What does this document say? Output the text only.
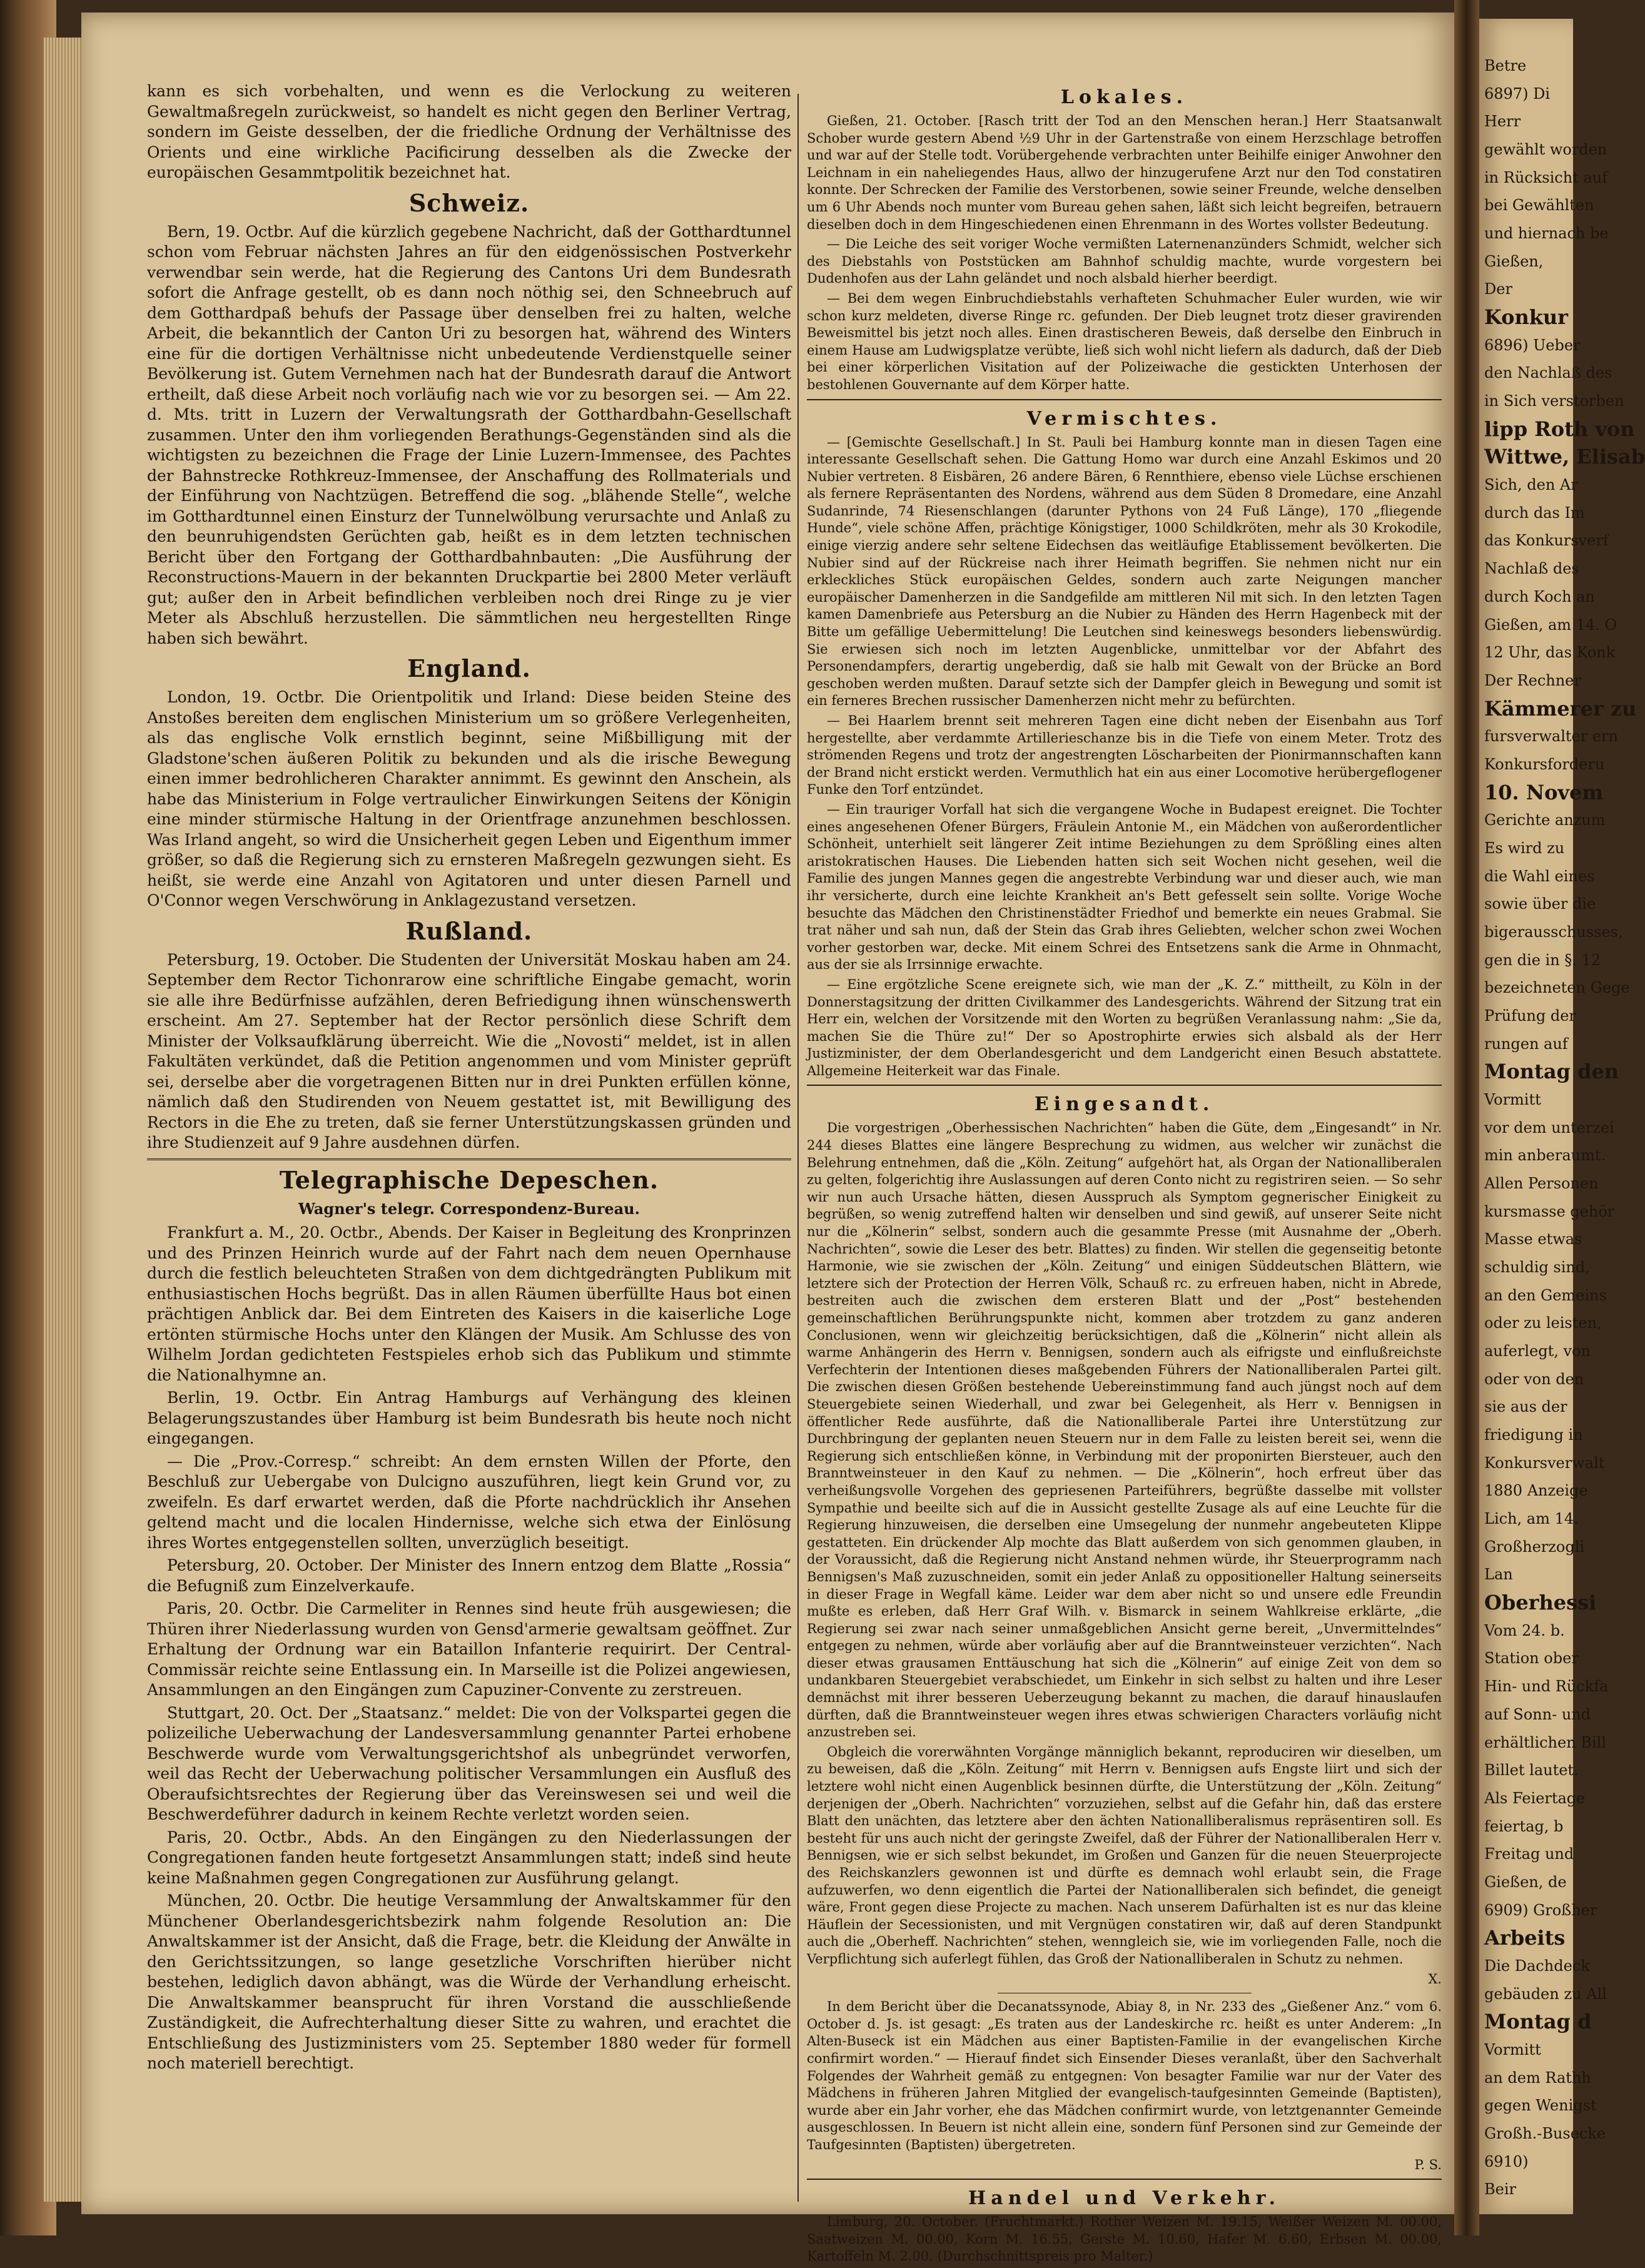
kann es sich vorbehalten, und wenn es die Verlockung zu weiteren Gewaltmaßregeln zurückweist, so handelt es nicht gegen den Berliner Vertrag, sondern im Geiste desselben, der die friedliche Ordnung der Verhältnisse des Orients und eine wirkliche Pacificirung desselben als die Zwecke der europäischen Gesammtpolitik bezeichnet hat.

Schweiz.

Bern, 19. Octbr. Auf die kürzlich gegebene Nachricht, daß der Gotthardtunnel schon vom Februar nächsten Jahres an für den eidgenössischen Postverkehr verwendbar sein werde, hat die Regierung des Cantons Uri dem Bundesrath sofort die Anfrage gestellt, ob es dann noch nöthig sei, den Schneebruch auf dem Gotthardpaß behufs der Passage über denselben frei zu halten, welche Arbeit, die bekanntlich der Canton Uri zu besorgen hat, während des Winters eine für die dortigen Verhältnisse nicht unbedeutende Verdienstquelle seiner Bevölkerung ist. Gutem Vernehmen nach hat der Bundesrath darauf die Antwort ertheilt, daß diese Arbeit noch vorläufig nach wie vor zu besorgen sei. — Am 22. d. Mts. tritt in Luzern der Verwaltungsrath der Gotthardbahn-Gesellschaft zusammen. Unter den ihm vorliegenden Berathungs-Gegenständen sind als die wichtigsten zu bezeichnen die Frage der Linie Luzern-Immensee, des Pachtes der Bahnstrecke Rothkreuz-Immensee, der Anschaffung des Rollmaterials und der Einführung von Nachtzügen. Betreffend die sog. „blähende Stelle“, welche im Gotthardtunnel einen Einsturz der Tunnelwölbung verursachte und Anlaß zu den beunruhigendsten Gerüchten gab, heißt es in dem letzten technischen Bericht über den Fortgang der Gotthardbahnbauten: „Die Ausführung der Reconstructions-Mauern in der bekannten Druckpartie bei 2800 Meter verläuft gut; außer den in Arbeit befindlichen verbleiben noch drei Ringe zu je vier Meter als Abschluß herzustellen. Die sämmtlichen neu hergestellten Ringe haben sich bewährt.

England.

London, 19. Octbr. Die Orientpolitik und Irland: Diese beiden Steine des Anstoßes bereiten dem englischen Ministerium um so größere Verlegenheiten, als das englische Volk ernstlich beginnt, seine Mißbilligung mit der Gladstone'schen äußeren Politik zu bekunden und als die irische Bewegung einen immer bedrohlicheren Charakter annimmt. Es gewinnt den Anschein, als habe das Ministerium in Folge vertraulicher Einwirkungen Seitens der Königin eine minder stürmische Haltung in der Orientfrage anzunehmen beschlossen. Was Irland angeht, so wird die Unsicherheit gegen Leben und Eigenthum immer größer, so daß die Regierung sich zu ernsteren Maßregeln gezwungen sieht. Es heißt, sie werde eine Anzahl von Agitatoren und unter diesen Parnell und O'Connor wegen Verschwörung in Anklagezustand versetzen.

Rußland.

Petersburg, 19. October. Die Studenten der Universität Moskau haben am 24. September dem Rector Tichonrarow eine schriftliche Eingabe gemacht, worin sie alle ihre Bedürfnisse aufzählen, deren Befriedigung ihnen wünschenswerth erscheint. Am 27. September hat der Rector persönlich diese Schrift dem Minister der Volksaufklärung überreicht. Wie die „Novosti“ meldet, ist in allen Fakultäten verkündet, daß die Petition angenommen und vom Minister geprüft sei, derselbe aber die vorgetragenen Bitten nur in drei Punkten erfüllen könne, nämlich daß den Studirenden von Neuem gestattet ist, mit Bewilligung des Rectors in die Ehe zu treten, daß sie ferner Unterstützungskassen gründen und ihre Studienzeit auf 9 Jahre ausdehnen dürfen.

Telegraphische Depeschen.
Wagner's telegr. Correspondenz-Bureau.

Frankfurt a. M., 20. Octbr., Abends. Der Kaiser in Begleitung des Kronprinzen und des Prinzen Heinrich wurde auf der Fahrt nach dem neuen Opernhause durch die festlich beleuchteten Straßen von dem dichtgedrängten Publikum mit enthusiastischen Hochs begrüßt. Das in allen Räumen überfüllte Haus bot einen prächtigen Anblick dar. Bei dem Eintreten des Kaisers in die kaiserliche Loge ertönten stürmische Hochs unter den Klängen der Musik. Am Schlusse des von Wilhelm Jordan gedichteten Festspieles erhob sich das Publikum und stimmte die Nationalhymne an.

Berlin, 19. Octbr. Ein Antrag Hamburgs auf Verhängung des kleinen Belagerungszustandes über Hamburg ist beim Bundesrath bis heute noch nicht eingegangen.

— Die „Prov.-Corresp.“ schreibt: An dem ernsten Willen der Pforte, den Beschluß zur Uebergabe von Dulcigno auszuführen, liegt kein Grund vor, zu zweifeln. Es darf erwartet werden, daß die Pforte nachdrücklich ihr Ansehen geltend macht und die localen Hindernisse, welche sich etwa der Einlösung ihres Wortes entgegenstellen sollten, unverzüglich beseitigt.

Petersburg, 20. October. Der Minister des Innern entzog dem Blatte „Rossia“ die Befugniß zum Einzelverkaufe.

Paris, 20. Octbr. Die Carmeliter in Rennes sind heute früh ausgewiesen; die Thüren ihrer Niederlassung wurden von Gensd'armerie gewaltsam geöffnet. Zur Erhaltung der Ordnung war ein Bataillon Infanterie requirirt. Der Central-Commissär reichte seine Entlassung ein. In Marseille ist die Polizei angewiesen, Ansammlungen an den Eingängen zum Capuziner-Convente zu zerstreuen.

Stuttgart, 20. Oct. Der „Staatsanz.“ meldet: Die von der Volkspartei gegen die polizeiliche Ueberwachung der Landesversammlung genannter Partei erhobene Beschwerde wurde vom Verwaltungsgerichtshof als unbegründet verworfen, weil das Recht der Ueberwachung politischer Versammlungen ein Ausfluß des Oberaufsichtsrechtes der Regierung über das Vereinswesen sei und weil die Beschwerdeführer dadurch in keinem Rechte verletzt worden seien.

Paris, 20. Octbr., Abds. An den Eingängen zu den Niederlassungen der Congregationen fanden heute fortgesetzt Ansammlungen statt; indeß sind heute keine Maßnahmen gegen Congregationen zur Ausführung gelangt.

München, 20. Octbr. Die heutige Versammlung der Anwaltskammer für den Münchener Oberlandesgerichtsbezirk nahm folgende Resolution an: Die Anwaltskammer ist der Ansicht, daß die Frage, betr. die Kleidung der Anwälte in den Gerichtssitzungen, so lange gesetzliche Vorschriften hierüber nicht bestehen, lediglich davon abhängt, was die Würde der Verhandlung erheischt. Die Anwaltskammer beansprucht für ihren Vorstand die ausschließende Zuständigkeit, die Aufrechterhaltung dieser Sitte zu wahren, und erachtet die Entschließung des Justizministers vom 25. September 1880 weder für formell noch materiell berechtigt.

Lokales.

Gießen, 21. October. [Rasch tritt der Tod an den Menschen heran.] Herr Staatsanwalt Schober wurde gestern Abend ½9 Uhr in der Gartenstraße von einem Herzschlage betroffen und war auf der Stelle todt. Vorübergehende verbrachten unter Beihilfe einiger Anwohner den Leichnam in ein naheliegendes Haus, allwo der hinzugerufene Arzt nur den Tod constatiren konnte. Der Schrecken der Familie des Verstorbenen, sowie seiner Freunde, welche denselben um 6 Uhr Abends noch munter vom Bureau gehen sahen, läßt sich leicht begreifen, betrauern dieselben doch in dem Hingeschiedenen einen Ehrenmann in des Wortes vollster Bedeutung.

— Die Leiche des seit voriger Woche vermißten Laternenanzünders Schmidt, welcher sich des Diebstahls von Poststücken am Bahnhof schuldig machte, wurde vorgestern bei Dudenhofen aus der Lahn geländet und noch alsbald hierher beerdigt.

— Bei dem wegen Einbruchdiebstahls verhafteten Schuhmacher Euler wurden, wie wir schon kurz meldeten, diverse Ringe rc. gefunden. Der Dieb leugnet trotz dieser gravirenden Beweismittel bis jetzt noch alles. Einen drastischeren Beweis, daß derselbe den Einbruch in einem Hause am Ludwigsplatze verübte, ließ sich wohl nicht liefern als dadurch, daß der Dieb bei einer körperlichen Visitation auf der Polizeiwache die gestickten Unterhosen der bestohlenen Gouvernante auf dem Körper hatte.

Vermischtes.

— [Gemischte Gesellschaft.] In St. Pauli bei Hamburg konnte man in diesen Tagen eine interessante Gesellschaft sehen. Die Gattung Homo war durch eine Anzahl Eskimos und 20 Nubier vertreten. 8 Eisbären, 26 andere Bären, 6 Rennthiere, ebenso viele Lüchse erschienen als fernere Repräsentanten des Nordens, während aus dem Süden 8 Dromedare, eine Anzahl Sudanrinde, 74 Riesenschlangen (darunter Pythons von 24 Fuß Länge), 170 „fliegende Hunde“, viele schöne Affen, prächtige Königstiger, 1000 Schildkröten, mehr als 30 Krokodile, einige vierzig andere sehr seltene Eidechsen das weitläufige Etablissement bevölkerten. Die Nubier sind auf der Rückreise nach ihrer Heimath begriffen. Sie nehmen nicht nur ein erkleckliches Stück europäischen Geldes, sondern auch zarte Neigungen mancher europäischer Damenherzen in die Sandgefilde am mittleren Nil mit sich. In den letzten Tagen kamen Damenbriefe aus Petersburg an die Nubier zu Händen des Herrn Hagenbeck mit der Bitte um gefällige Uebermittelung! Die Leutchen sind keineswegs besonders liebenswürdig. Sie erwiesen sich noch im letzten Augenblicke, unmittelbar vor der Abfahrt des Personendampfers, derartig ungeberdig, daß sie halb mit Gewalt von der Brücke an Bord geschoben werden mußten. Darauf setzte sich der Dampfer gleich in Bewegung und somit ist ein ferneres Brechen russischer Damenherzen nicht mehr zu befürchten.

— Bei Haarlem brennt seit mehreren Tagen eine dicht neben der Eisenbahn aus Torf hergestellte, aber verdammte Artillerieschanze bis in die Tiefe von einem Meter. Trotz des strömenden Regens und trotz der angestrengten Löscharbeiten der Pionirmannschaften kann der Brand nicht erstickt werden. Vermuthlich hat ein aus einer Locomotive herübergeflogener Funke den Torf entzündet.

— Ein trauriger Vorfall hat sich die vergangene Woche in Budapest ereignet. Die Tochter eines angesehenen Ofener Bürgers, Fräulein Antonie M., ein Mädchen von außerordentlicher Schönheit, unterhielt seit längerer Zeit intime Beziehungen zu dem Sprößling eines alten aristokratischen Hauses. Die Liebenden hatten sich seit Wochen nicht gesehen, weil die Familie des jungen Mannes gegen die angestrebte Verbindung war und dieser auch, wie man ihr versicherte, durch eine leichte Krankheit an's Bett gefesselt sein sollte. Vorige Woche besuchte das Mädchen den Christinenstädter Friedhof und bemerkte ein neues Grabmal. Sie trat näher und sah nun, daß der Stein das Grab ihres Geliebten, welcher schon zwei Wochen vorher gestorben war, decke. Mit einem Schrei des Entsetzens sank die Arme in Ohnmacht, aus der sie als Irrsinnige erwachte.

— Eine ergötzliche Scene ereignete sich, wie man der „K. Z.“ mittheilt, zu Köln in der Donnerstagsitzung der dritten Civilkammer des Landesgerichts. Während der Sitzung trat ein Herr ein, welchen der Vorsitzende mit den Worten zu begrüßen Veranlassung nahm: „Sie da, machen Sie die Thüre zu!“ Der so Apostrophirte erwies sich alsbald als der Herr Justizminister, der dem Oberlandesgericht und dem Landgericht einen Besuch abstattete. Allgemeine Heiterkeit war das Finale.

Eingesandt.

Die vorgestrigen „Oberhessischen Nachrichten“ haben die Güte, dem „Eingesandt“ in Nr. 244 dieses Blattes eine längere Besprechung zu widmen, aus welcher wir zunächst die Belehrung entnehmen, daß die „Köln. Zeitung“ aufgehört hat, als Organ der Nationalliberalen zu gelten, folgerichtig ihre Auslassungen auf deren Conto nicht zu registriren seien. — So sehr wir nun auch Ursache hätten, diesen Ausspruch als Symptom gegnerischer Einigkeit zu begrüßen, so wenig zutreffend halten wir denselben und sind gewiß, auf unserer Seite nicht nur die „Kölnerin“ selbst, sondern auch die gesammte Presse (mit Ausnahme der „Oberh. Nachrichten“, sowie die Leser des betr. Blattes) zu finden. Wir stellen die gegenseitig betonte Harmonie, wie sie zwischen der „Köln. Zeitung“ und einigen Süddeutschen Blättern, wie letztere sich der Protection der Herren Völk, Schauß rc. zu erfreuen haben, nicht in Abrede, bestreiten auch die zwischen dem ersteren Blatt und der „Post“ bestehenden gemeinschaftlichen Berührungspunkte nicht, kommen aber trotzdem zu ganz anderen Conclusionen, wenn wir gleichzeitig berücksichtigen, daß die „Kölnerin“ nicht allein als warme Anhängerin des Herrn v. Bennigsen, sondern auch als eifrigste und einflußreichste Verfechterin der Intentionen dieses maßgebenden Führers der Nationalliberalen Partei gilt. Die zwischen diesen Größen bestehende Uebereinstimmung fand auch jüngst noch auf dem Steuergebiete seinen Wiederhall, und zwar bei Gelegenheit, als Herr v. Bennigsen in öffentlicher Rede ausführte, daß die Nationalliberale Partei ihre Unterstützung zur Durchbringung der geplanten neuen Steuern nur in dem Falle zu leisten bereit sei, wenn die Regierung sich entschließen könne, in Verbindung mit der proponirten Biersteuer, auch den Branntweinsteuer in den Kauf zu nehmen. — Die „Kölnerin“, hoch erfreut über das verheißungsvolle Vorgehen des gepriesenen Parteiführers, begrüßte dasselbe mit vollster Sympathie und beeilte sich auf die in Aussicht gestellte Zusage als auf eine Leuchte für die Regierung hinzuweisen, die derselben eine Umsegelung der nunmehr angebeuteten Klippe gestatteten. Ein drückender Alp mochte das Blatt außerdem von sich genommen glauben, in der Voraussicht, daß die Regierung nicht Anstand nehmen würde, ihr Steuerprogramm nach Bennigsen's Maß zuzuschneiden, somit ein jeder Anlaß zu oppositioneller Haltung seinerseits in dieser Frage in Wegfall käme. Leider war dem aber nicht so und unsere edle Freundin mußte es erleben, daß Herr Graf Wilh. v. Bismarck in seinem Wahlkreise erklärte, „die Regierung sei zwar nach seiner unmaßgeblichen Ansicht gerne bereit, „Unvermittelndes“ entgegen zu nehmen, würde aber vorläufig aber auf die Branntweinsteuer verzichten“. Nach dieser etwas grausamen Enttäuschung hat sich die „Kölnerin“ auf einige Zeit von dem so undankbaren Steuergebiet verabschiedet, um Einkehr in sich selbst zu halten und ihre Leser demnächst mit ihrer besseren Ueberzeugung bekannt zu machen, die darauf hinauslaufen dürften, daß die Branntweinsteuer wegen ihres etwas schwierigen Characters vorläufig nicht anzustreben sei.

Obgleich die vorerwähnten Vorgänge männiglich bekannt, reproduciren wir dieselben, um zu beweisen, daß die „Köln. Zeitung“ mit Herrn v. Bennigsen aufs Engste liirt und sich der letztere wohl nicht einen Augenblick besinnen dürfte, die Unterstützung der „Köln. Zeitung“ derjenigen der „Oberh. Nachrichten“ vorzuziehen, selbst auf die Gefahr hin, daß das erstere Blatt den unächten, das letztere aber den ächten Nationalliberalismus repräsentiren soll. Es besteht für uns auch nicht der geringste Zweifel, daß der Führer der Nationalliberalen Herr v. Bennigsen, wie er sich selbst bekundet, im Großen und Ganzen für die neuen Steuerprojecte des Reichskanzlers gewonnen ist und dürfte es demnach wohl erlaubt sein, die Frage aufzuwerfen, wo denn eigentlich die Partei der Nationalliberalen sich befindet, die geneigt wäre, Front gegen diese Projecte zu machen. Nach unserem Dafürhalten ist es nur das kleine Häuflein der Secessionisten, und mit Vergnügen constatiren wir, daß auf deren Standpunkt auch die „Oberheff. Nachrichten“ stehen, wenngleich sie, wie im vorliegenden Falle, noch die Verpflichtung sich auferlegt fühlen, das Groß der Nationalliberalen in Schutz zu nehmen.

X.

In dem Bericht über die Decanatssynode, Abiay 8, in Nr. 233 des „Gießener Anz.“ vom 6. October d. Js. ist gesagt: „Es traten aus der Landeskirche rc. heißt es unter Anderem: „In Alten-Buseck ist ein Mädchen aus einer Baptisten-Familie in der evangelischen Kirche confirmirt worden.“ — Hierauf findet sich Einsender Dieses veranlaßt, über den Sachverhalt Folgendes der Wahrheit gemäß zu entgegnen: Von besagter Familie war nur der Vater des Mädchens in früheren Jahren Mitglied der evangelisch-taufgesinnten Gemeinde (Baptisten), wurde aber ein Jahr vorher, ehe das Mädchen confirmirt wurde, von letztgenannter Gemeinde ausgeschlossen. In Beuern ist nicht allein eine, sondern fünf Personen sind zur Gemeinde der Taufgesinnten (Baptisten) übergetreten.

P. S.
Handel und Verkehr.

Limburg, 20. October. (Fruchtmarkt.) Rother Weizen M. 19.15, Weißer Weizen M. 00.00, Saatweizen M. 00.00, Korn M. 16.55, Gerste M. 10.60, Hafer M. 6.60, Erbsen M. 00.00, Kartoffeln M. 2.00. (Durchschnittspreis pro Malter.)

Betre
6897) Di
Herr
gewählt worden
in Rücksicht auf
bei Gewählten
und hiernach be
Gießen,
Der
Konkur
6896) Ueber
den Nachlaß des
in Sich verstorben
lipp Roth von
Wittwe, Elisab
Sich, den Ar
durch das Im
das Konkursverf
Nachlaß des
durch Koch an
Gießen, am 14. O
12 Uhr, das Konk
Der Rechner
Kämmerer zu
fursverwalter ern
Konkursforderu
10. Novem
Gerichte anzum
Es wird zu
die Wahl eines
sowie über die
bigerausschusses,
gen die in §. 12
bezeichneten Gege
Prüfung der
rungen auf
Montag den
Vormitt
vor dem unterzei
min anberaumt.
Allen Personen
kursmasse gehör
Masse etwas
schuldig sind,
an den Gemeins
oder zu leisten,
auferlegt, von
oder von den
sie aus der
friedigung in
Konkursverwalt
1880 Anzeige
Lich, am 14.
Großherzogli
Lan
Oberhessi
Vom 24. b.
Station ober
Hin- und Rückfa
auf Sonn- und
erhältlichen Bill
Billet lautet.
Als Feiertage
feiertag, b
Freitag und
Gießen, de
6909) Großher
Arbeits
Die Dachdeck
gebäuden zu All
Montag d
Vormitt
an dem Rathh
gegen Wenigst
Großh.-Busecke
6910)
Beir
